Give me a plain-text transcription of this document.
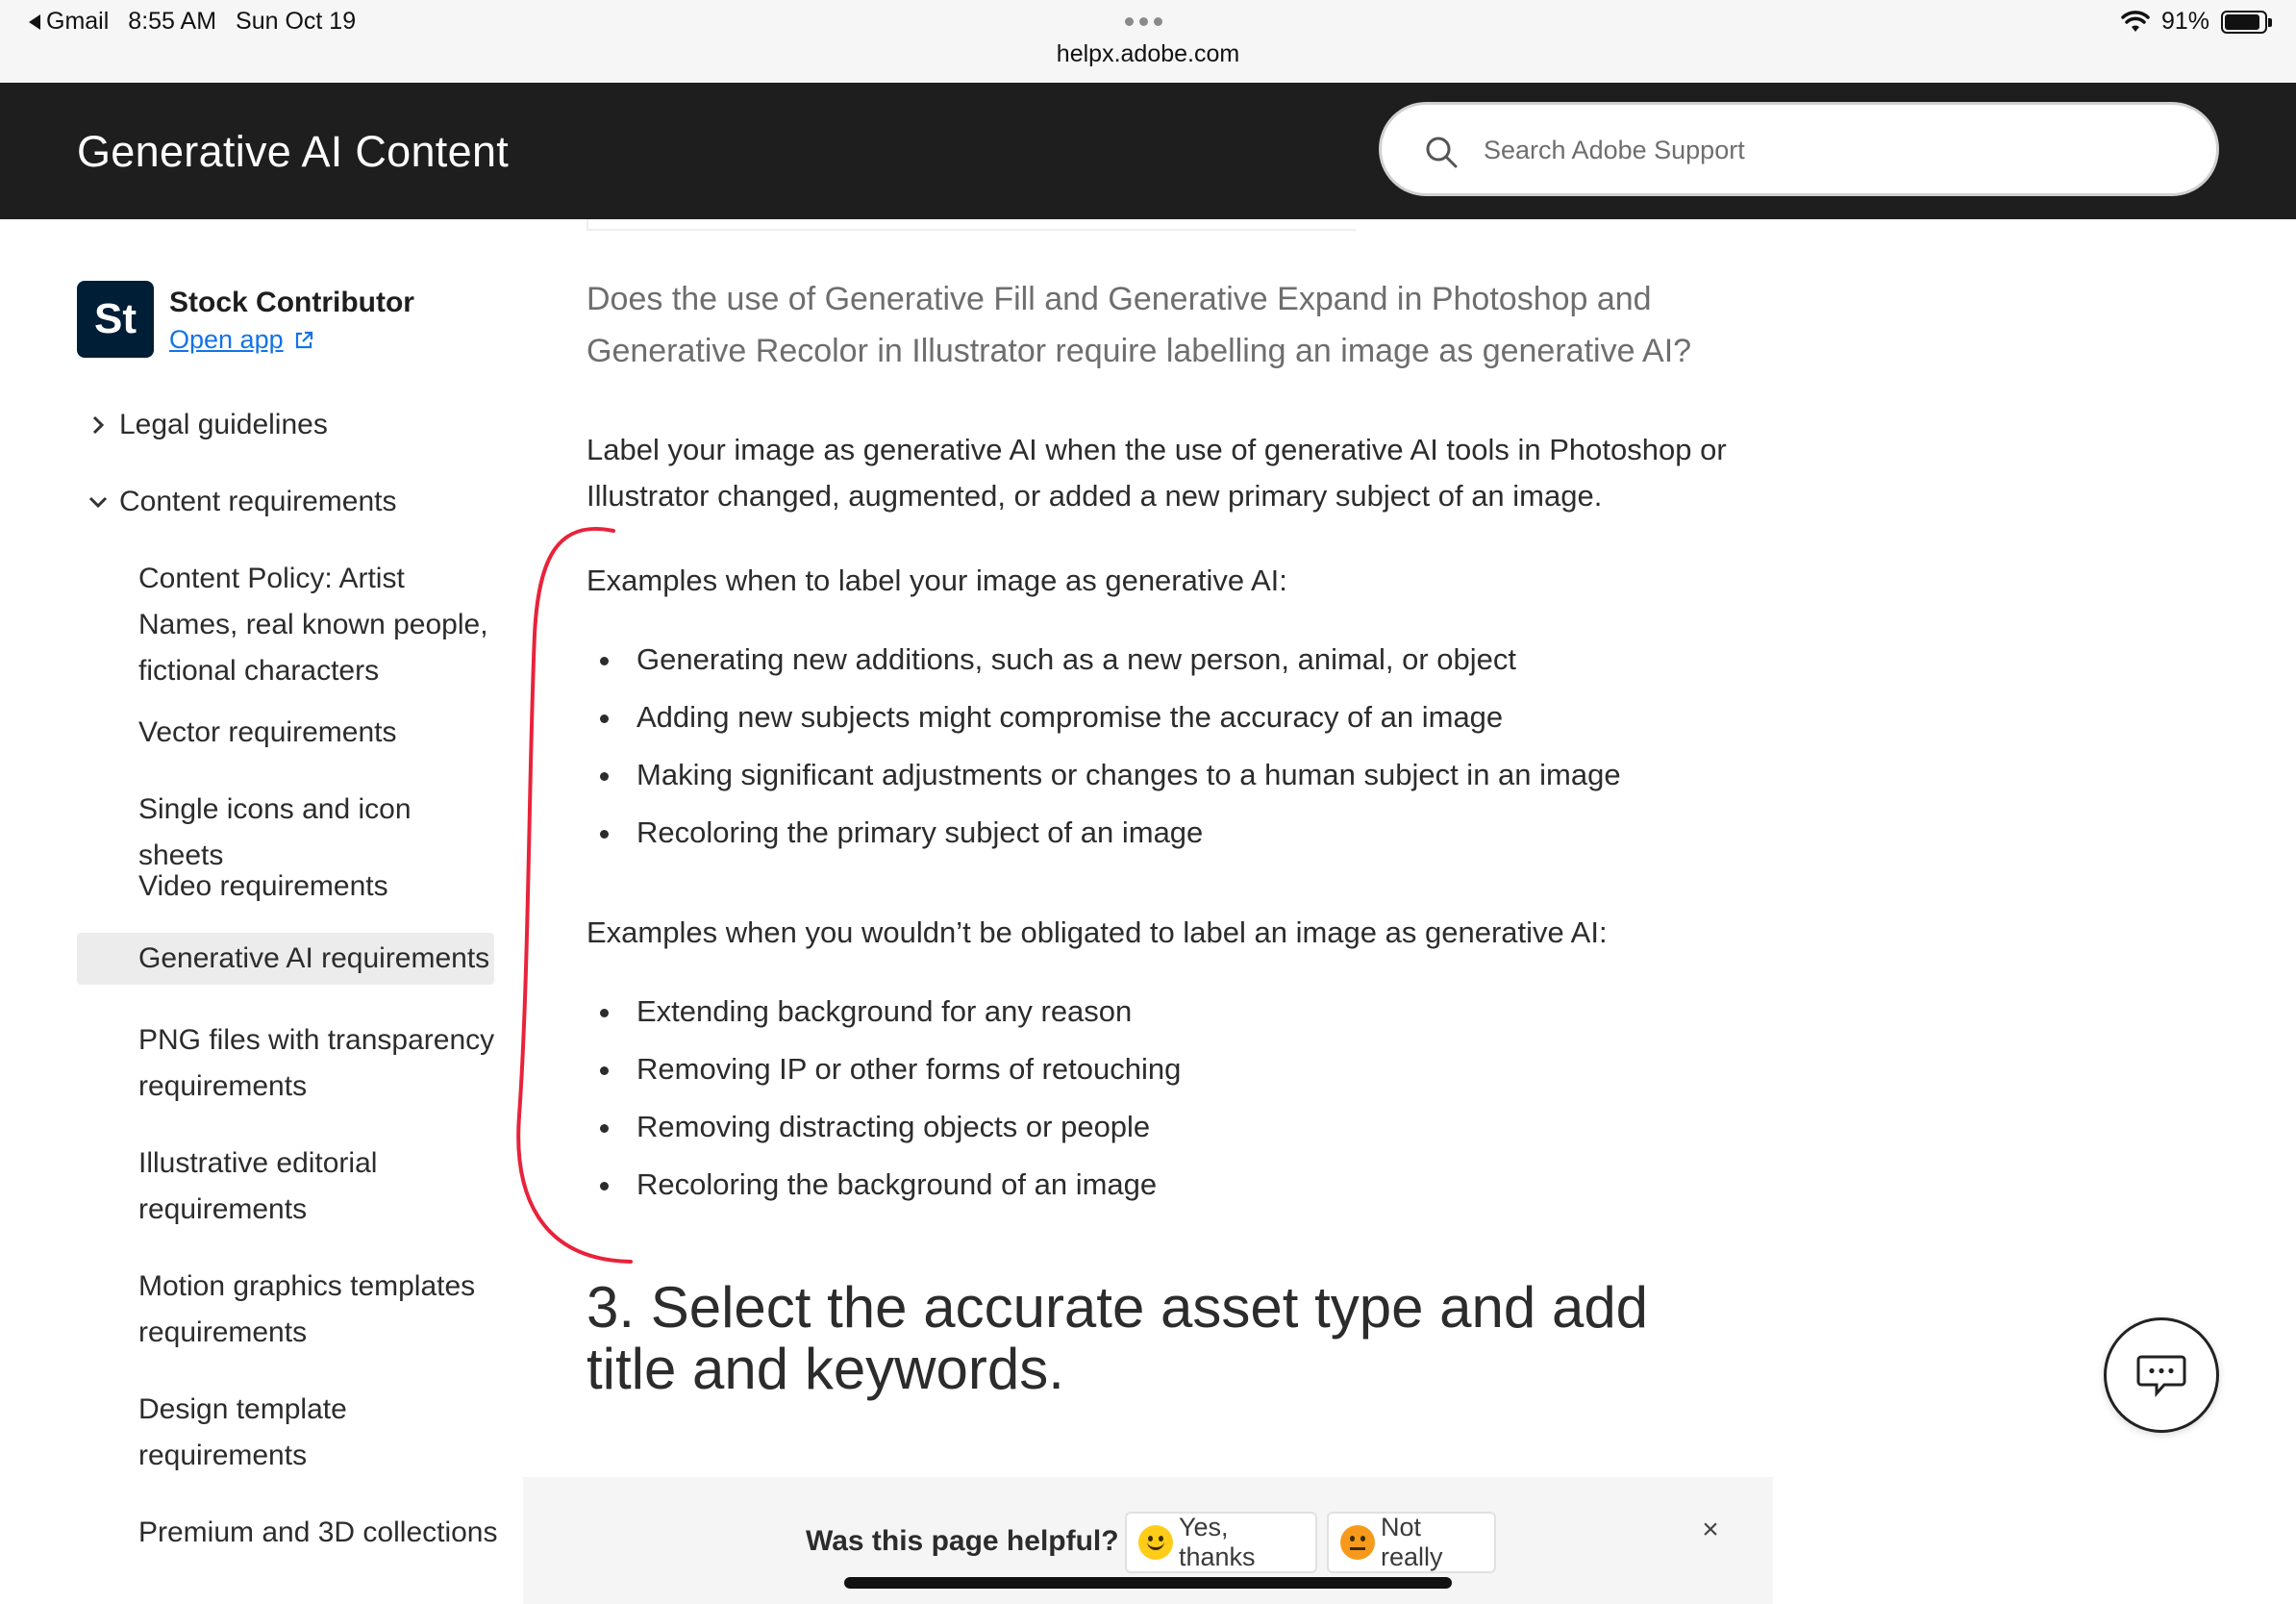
Gmail 8:55 AM Sun Oct 19
helpx.adobe.com
91%
Generative AI Content
Search Adobe Support
St	Stock Contributor
Open app
Legal guidelines
Content requirements
Content Policy: Artist Names, real known people, fictional characters
Vector requirements
Single icons and icon sheets
Video requirements
Generative AI requirements
PNG files with transparency requirements
Illustrative editorial requirements
Motion graphics templates requirements
Design template requirements
Premium and 3D collections
Does the use of Generative Fill and Generative Expand in Photoshop and Generative Recolor in Illustrator require labelling an image as generative AI?
Label your image as generative AI when the use of generative AI tools in Photoshop or Illustrator changed, augmented, or added a new primary subject of an image.
Examples when to label your image as generative AI:
Generating new additions, such as a new person, animal, or object
Adding new subjects might compromise the accuracy of an image
Making significant adjustments or changes to a human subject in an image
Recoloring the primary subject of an image
Examples when you wouldn’t be obligated to label an image as generative AI:
Extending background for any reason
Removing IP or other forms of retouching
Removing distracting objects or people
Recoloring the background of an image
3. Select the accurate asset type and add title and keywords.
Was this page helpful? Yes, thanks
Not really
×
